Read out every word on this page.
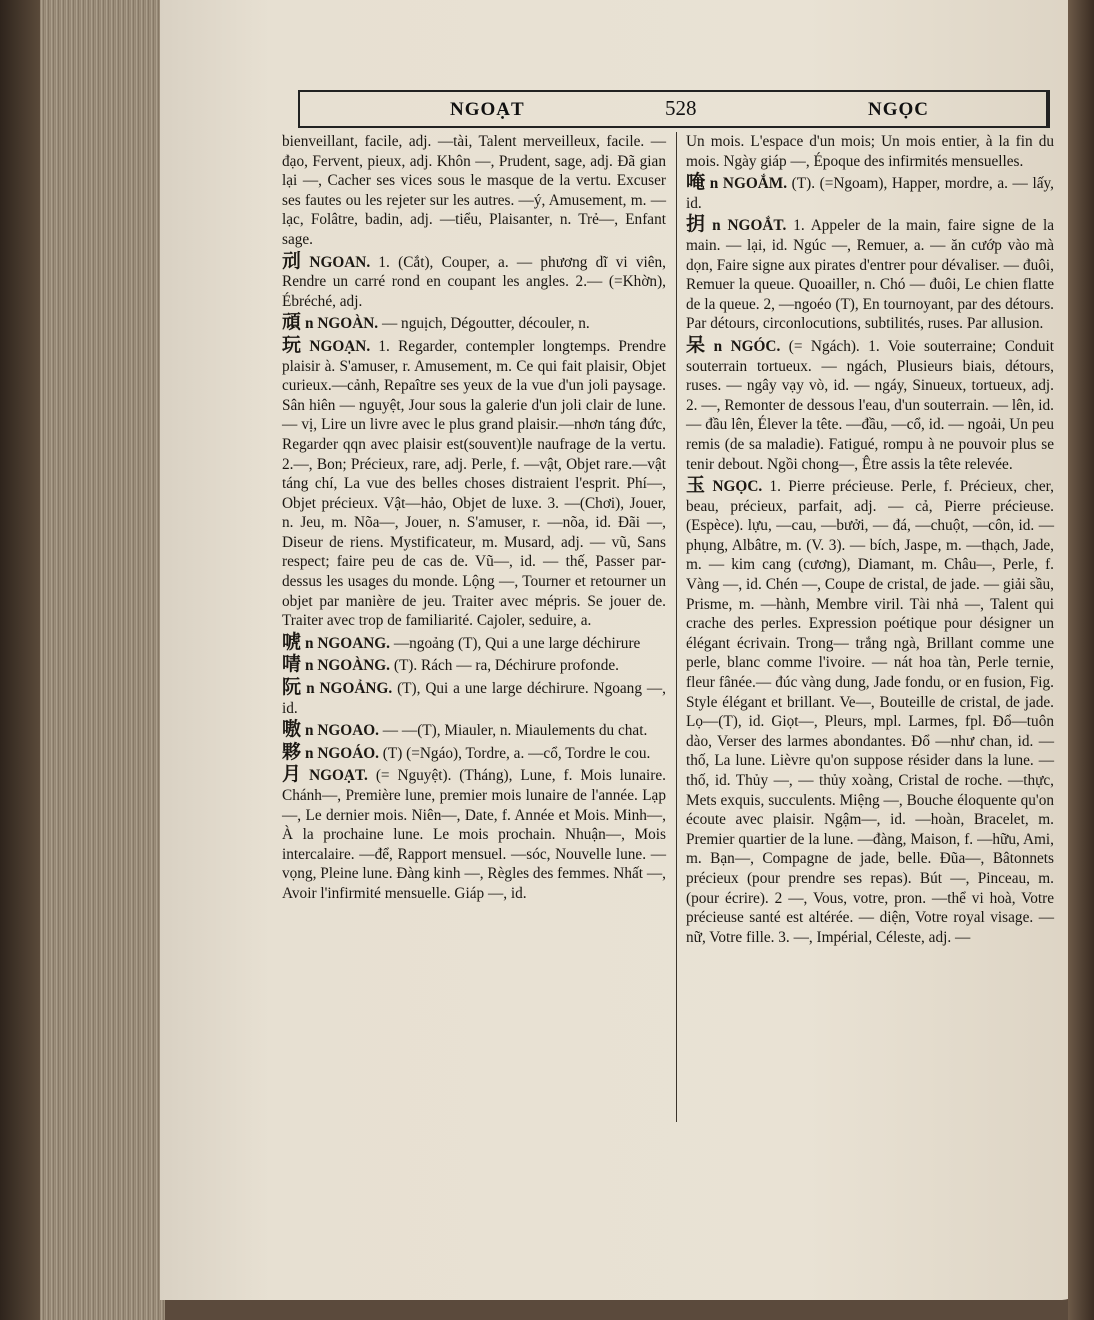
NGOẠT	528	NGỌC

bienveillant, facile, adj. —tài, Talent merveilleux, facile. — đạo, Fervent, pieux, adj. Khôn —, Prudent, sage, adj. Đã gian lại —, Cacher ses vices sous le masque de la vertu. Excuser ses fautes ou les rejeter sur les autres. —ý, Amusement, m. — lạc, Folâtre, badin, adj. —tiểu, Plaisanter, n. Trẻ—, Enfant sage.

刓 NGOAN. 1. (Cắt), Couper, a. — phương dĩ vi viên, Rendre un carré rond en coupant les angles. 2.— (=Khờn), Ébréché, adj.

頑 n NGOÀN. — nguịch, Dégoutter, découler, n.

玩 NGOẠN. 1. Regarder, contempler longtemps. Prendre plaisir à. S'amuser, r. Amusement, m. Ce qui fait plaisir, Objet curieux.—cảnh, Repaître ses yeux de la vue d'un joli paysage. Sân hiên — nguyệt, Jour sous la galerie d'un joli clair de lune.— vị, Lire un livre avec le plus grand plaisir.—nhơn táng đức, Regarder qqn avec plaisir est(souvent)le naufrage de la vertu. 2.—, Bon; Précieux, rare, adj. Perle, f. —vật, Objet rare.—vật táng chí, La vue des belles choses distraient l'esprit. Phí—, Objet précieux. Vật—hảo, Objet de luxe. 3. —(Chơi), Jouer, n. Jeu, m. Nõa—, Jouer, n. S'amuser, r. —nõa, id. Đãi —, Diseur de riens. Mystificateur, m. Musard, adj. — vũ, Sans respect; faire peu de cas de. Vũ—, id. — thế, Passer par-dessus les usages du monde. Lộng —, Tourner et retourner un objet par manière de jeu. Traiter avec mépris. Se jouer de. Traiter avec trop de familiarité. Cajoler, seduire, a.

唬 n NGOANG. —ngoảng (T), Qui a une large déchirure

啨 n NGOÀNG. (T). Rách — ra, Déchirure profonde.

阮 n NGOẢNG. (T), Qui a une large déchirure. Ngoang —, id.

嗷 n NGOAO. — —(T), Miauler, n. Miaulements du chat.

夥 n NGOÁO. (T) (=Ngáo), Tordre, a. —cổ, Tordre le cou.

月 NGOẠT. (= Nguyệt). (Tháng), Lune, f. Mois lunaire. Chánh—, Première lune, premier mois lunaire de l'année. Lạp—, Le dernier mois. Niên—, Date, f. Année et Mois. Minh—, À la prochaine lune. Le mois prochain. Nhuận—, Mois intercalaire. —để, Rapport mensuel. —sóc, Nouvelle lune. — vọng, Pleine lune. Đàng kinh —, Règles des femmes. Nhất —, Avoir l'infirmité mensuelle. Giáp —, id.

Un mois. L'espace d'un mois; Un mois entier, à la fin du mois. Ngày giáp —, Époque des infirmités mensuelles.

唵 n NGOẮM. (T). (=Ngoam), Happer, mordre, a. — lấy, id.

抈 n NGOẮT. 1. Appeler de la main, faire signe de la main. — lại, id. Ngúc —, Remuer, a. — ăn cướp vào mà dọn, Faire signe aux pirates d'entrer pour dévaliser. — đuôi, Remuer la queue. Quoailler, n. Chó — đuôi, Le chien flatte de la queue. 2, —ngoéo (T), En tournoyant, par des détours. Par détours, circonlocutions, subtilités, ruses. Par allusion.

呆 n NGÓC. (= Ngách). 1. Voie souterraine; Conduit souterrain tortueux. — ngách, Plusieurs biais, détours, ruses. — ngây vạy vò, id. — ngáy, Sinueux, tortueux, adj. 2. —, Remonter de dessous l'eau, d'un souterrain. — lên, id. — đầu lên, Élever la tête. —đầu, —cổ, id. — ngoải, Un peu remis (de sa maladie). Fatigué, rompu à ne pouvoir plus se tenir debout. Ngồi chong—, Être assis la tête relevée.

玉 NGỌC. 1. Pierre précieuse. Perle, f. Précieux, cher, beau, précieux, parfait, adj. — cả, Pierre précieuse. (Espèce). lựu, —cau, —bưởi, — đá, —chuột, —côn, id. —phụng, Albâtre, m. (V. 3). — bích, Jaspe, m. —thạch, Jade, m. — kim cang (cương), Diamant, m. Châu—, Perle, f. Vàng —, id. Chén —, Coupe de cristal, de jade. — giải sầu, Prisme, m. —hành, Membre viril. Tài nhả —, Talent qui crache des perles. Expression poétique pour désigner un élégant écrivain. Trong— trắng ngà, Brillant comme une perle, blanc comme l'ivoire. — nát hoa tàn, Perle ternie, fleur fânée.— đúc vàng dung, Jade fondu, or en fusion, Fig. Style élégant et brillant. Ve—, Bouteille de cristal, de jade. Lọ—(T), id. Giọt—, Pleurs, mpl. Larmes, fpl. Đổ—tuôn dào, Verser des larmes abondantes. Đổ —như chan, id. — thố, La lune. Lièvre qu'on suppose résider dans la lune. — thố, id. Thủy —, — thủy xoàng, Cristal de roche. —thực, Mets exquis, succulents. Miệng —, Bouche éloquente qu'on écoute avec plaisir. Ngậm—, id. —hoàn, Bracelet, m. Premier quartier de la lune. —đàng, Maison, f. —hữu, Ami, m. Bạn—, Compagne de jade, belle. Đũa—, Bâtonnets précieux (pour prendre ses repas). Bút —, Pinceau, m. (pour écrire). 2 —, Vous, votre, pron. —thể vi hoà, Votre précieuse santé est altérée. — diện, Votre royal visage. — nữ, Votre fille. 3. —, Impérial, Céleste, adj. —
